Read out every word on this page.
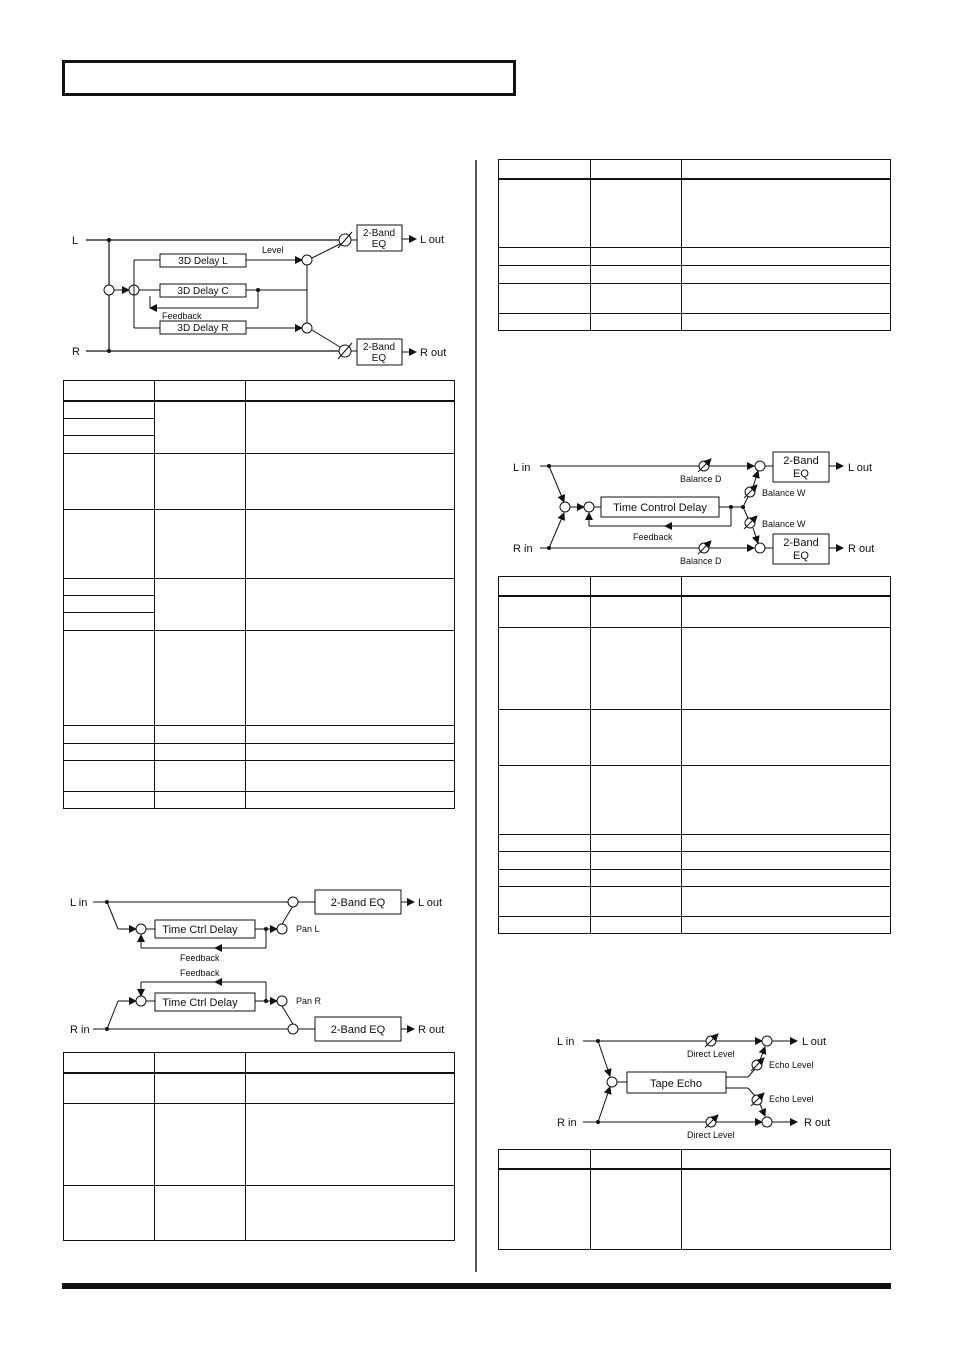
L
R
3D Delay L
3D Delay C
3D Delay R
Level
Feedback
2-Band
EQ
2-Band
EQ
L out
R out
L in
R in
Time Ctrl Delay
Feedback
Pan L
2-Band EQ	L out
Feedback
Time Ctrl Delay	Pan R
2-Band EQ	R out
L in
R in
Balance D
Balance D
Time Control Delay
Feedback
Balance W
Balance W
2-Band
EQ
2-Band
EQ
L out
R out
L in
R in
Tape Echo
Direct Level
Direct Level
Echo Level
Echo Level
L out
R out
